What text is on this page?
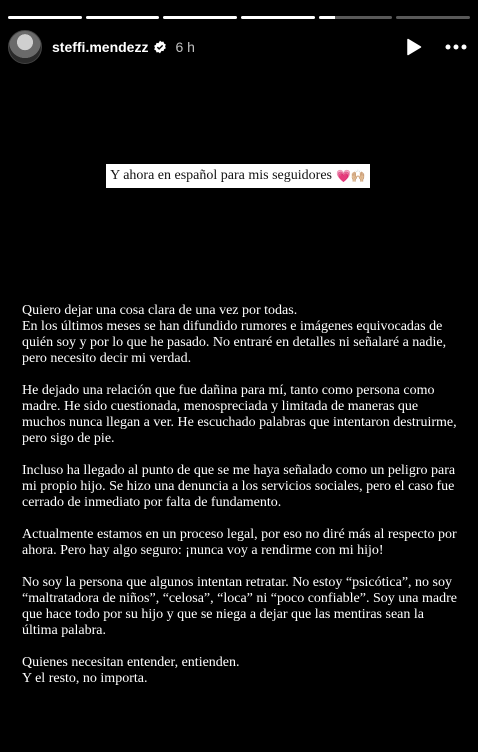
steffi.mendezz 6 h
Y ahora en español para mis seguidores 💗🙌🏼

Quiero dejar una cosa clara de una vez por todas.
En los últimos meses se han difundido rumores e imágenes equivocadas de quién soy y por lo que he pasado. No entraré en detalles ni señalaré a nadie, pero necesito decir mi verdad.

He dejado una relación que fue dañina para mí, tanto como persona como madre. He sido cuestionada, menospreciada y limitada de maneras que muchos nunca llegan a ver. He escuchado palabras que intentaron destruirme, pero sigo de pie.

Incluso ha llegado al punto de que se me haya señalado como un peligro para mi propio hijo. Se hizo una denuncia a los servicios sociales, pero el caso fue cerrado de inmediato por falta de fundamento.

Actualmente estamos en un proceso legal, por eso no diré más al respecto por ahora. Pero hay algo seguro: ¡nunca voy a rendirme con mi hijo!

No soy la persona que algunos intentan retratar. No estoy “psicótica”, no soy “maltratadora de niños”, “celosa”, “loca” ni “poco confiable”. Soy una madre que hace todo por su hijo y que se niega a dejar que las mentiras sean la última palabra.

Quienes necesitan entender, entienden.
Y el resto, no importa.
